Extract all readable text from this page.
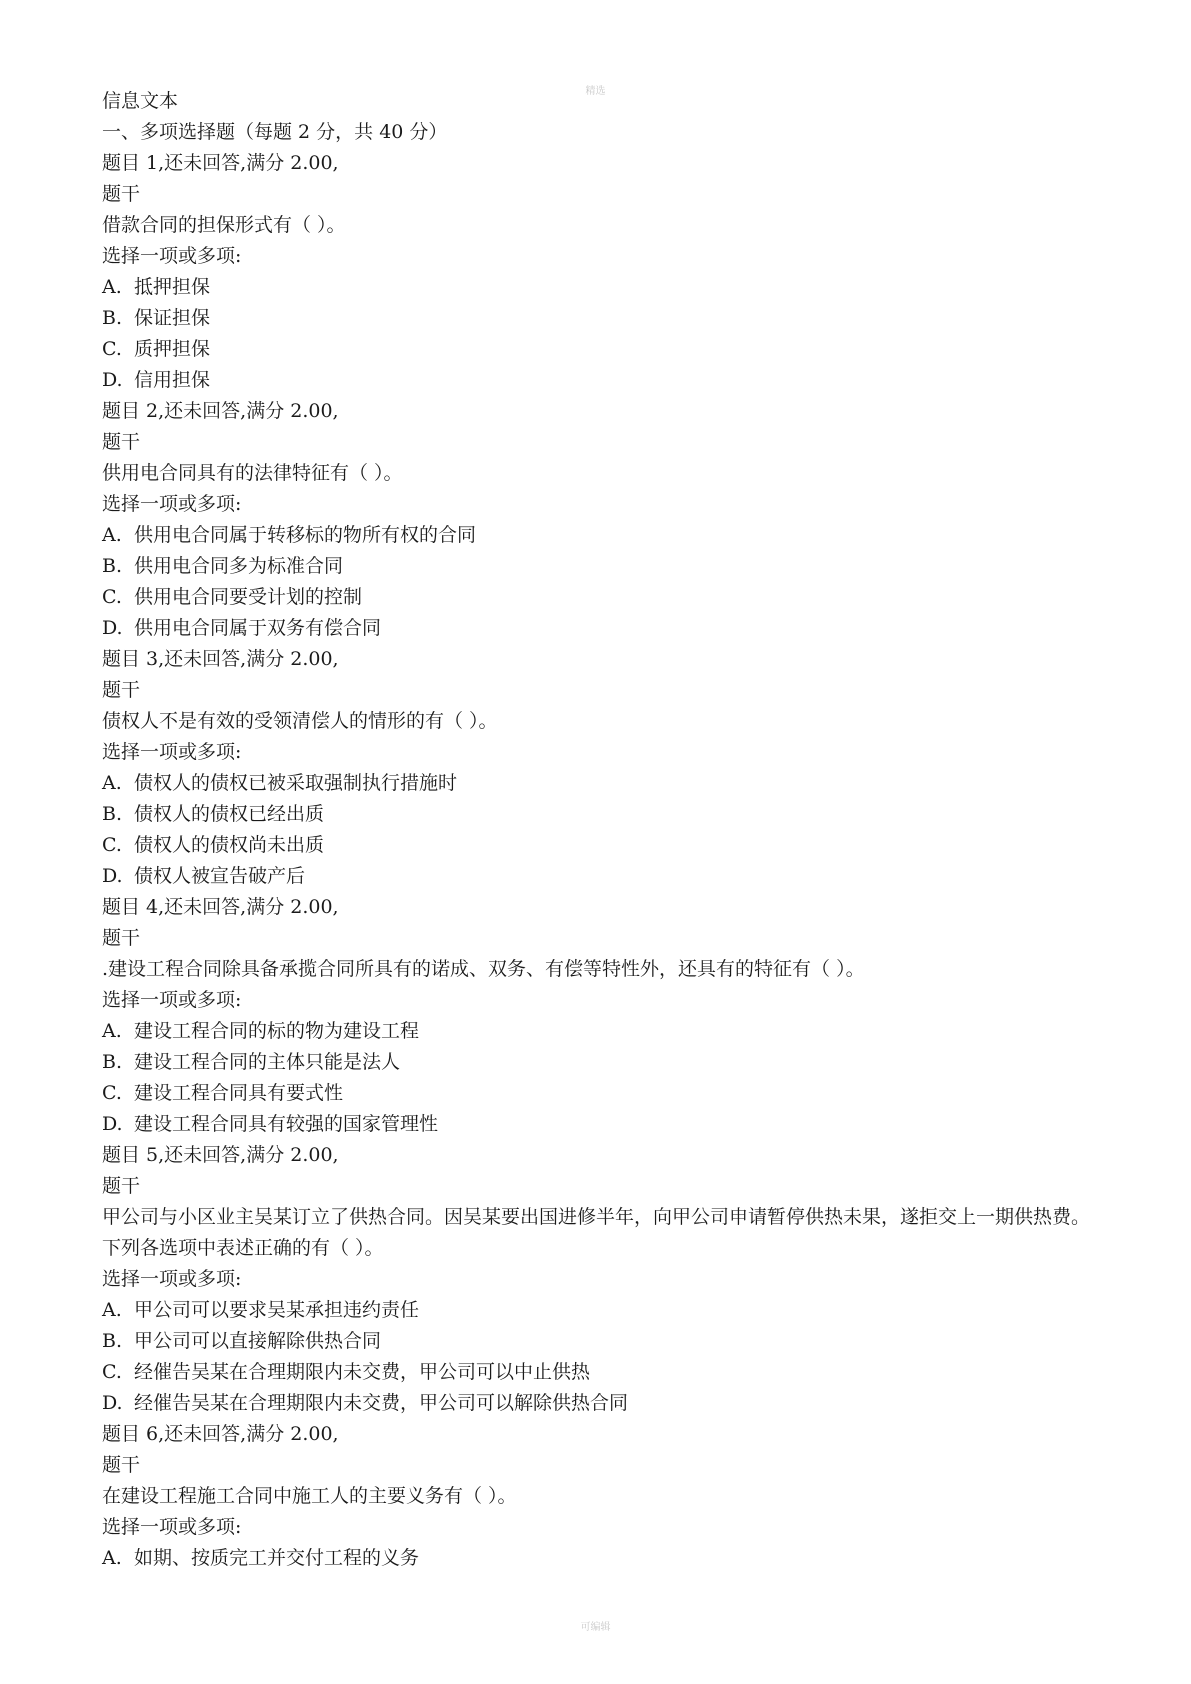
精选
信息文本
一、多项选择题（每题 2 分，共 40 分）
题目 1,还未回答,满分 2.00,
题干
借款合同的担保形式有（ ）。
选择一项或多项:
A. 抵押担保
B. 保证担保
C. 质押担保
D. 信用担保
题目 2,还未回答,满分 2.00,
题干
供用电合同具有的法律特征有（ ）。
选择一项或多项:
A. 供用电合同属于转移标的物所有权的合同
B. 供用电合同多为标准合同
C. 供用电合同要受计划的控制
D. 供用电合同属于双务有偿合同
题目 3,还未回答,满分 2.00,
题干
债权人不是有效的受领清偿人的情形的有（ ）。
选择一项或多项:
A. 债权人的债权已被采取强制执行措施时
B. 债权人的债权已经出质
C. 债权人的债权尚未出质
D. 债权人被宣告破产后
题目 4,还未回答,满分 2.00,
题干
.建设工程合同除具备承揽合同所具有的诺成、双务、有偿等特性外，还具有的特征有（ ）。
选择一项或多项:
A. 建设工程合同的标的物为建设工程
B. 建设工程合同的主体只能是法人
C. 建设工程合同具有要式性
D. 建设工程合同具有较强的国家管理性
题目 5,还未回答,满分 2.00,
题干
甲公司与小区业主吴某订立了供热合同。因吴某要出国进修半年，向甲公司申请暂停供热未果，遂拒交上一期供热费。下列各选项中表述正确的有（ ）。
选择一项或多项:
A. 甲公司可以要求吴某承担违约责任
B. 甲公司可以直接解除供热合同
C. 经催告吴某在合理期限内未交费，甲公司可以中止供热
D. 经催告吴某在合理期限内未交费，甲公司可以解除供热合同
题目 6,还未回答,满分 2.00,
题干
在建设工程施工合同中施工人的主要义务有（ ）。
选择一项或多项:
A. 如期、按质完工并交付工程的义务
可编辑
